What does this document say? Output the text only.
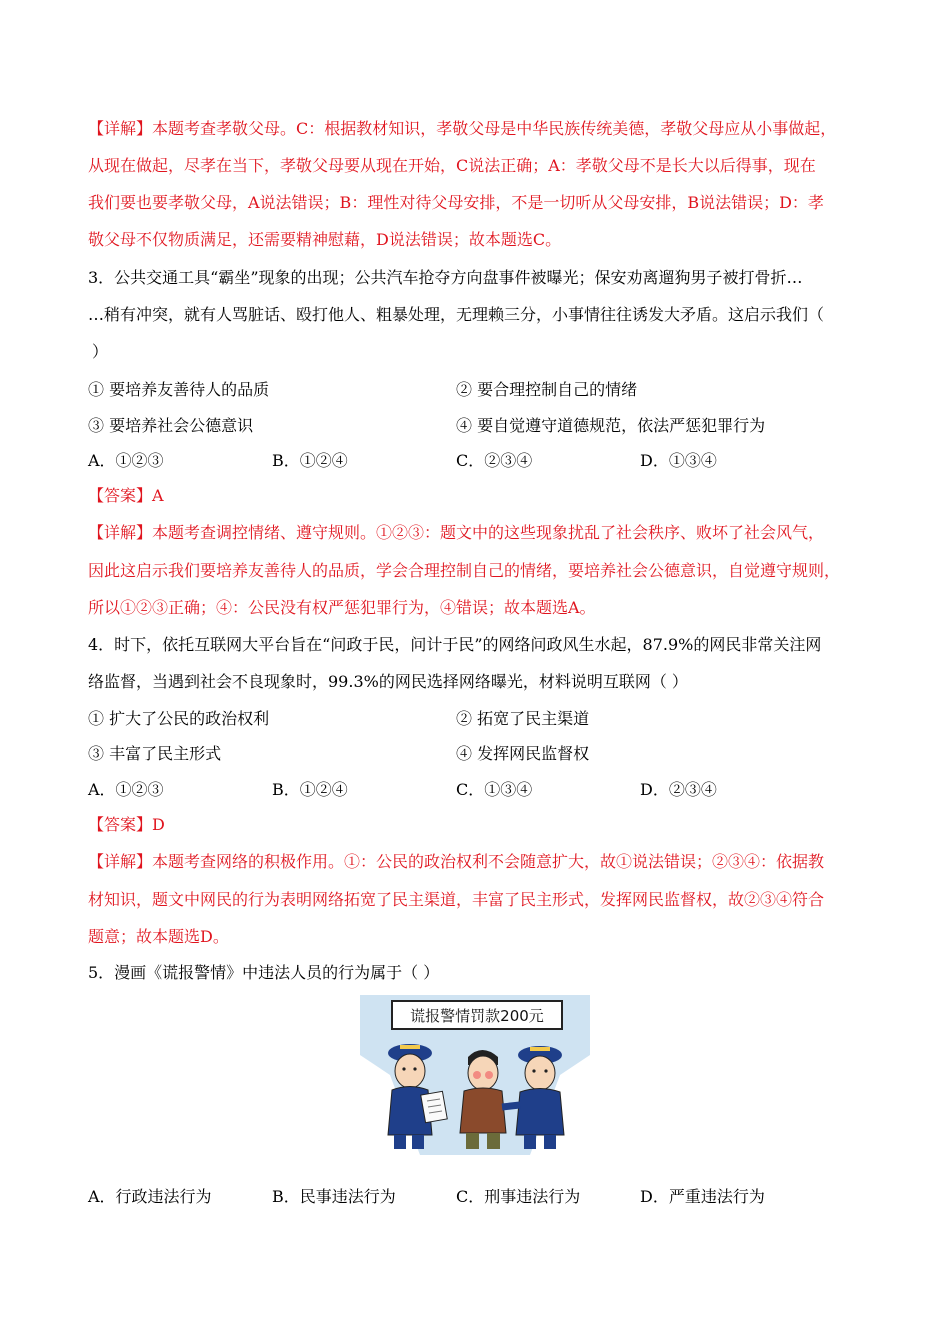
【详解】本题考查孝敬父母。C：根据教材知识，孝敬父母是中华民族传统美德，孝敬父母应从小事做起，
从现在做起，尽孝在当下，孝敬父母要从现在开始，C说法正确；A：孝敬父母不是长大以后得事，现在
我们要也要孝敬父母，A说法错误；B：理性对待父母安排，不是一切听从父母安排，B说法错误；D：孝
敬父母不仅物质满足，还需要精神慰藉，D说法错误；故本题选C。
3．公共交通工具“霸坐”现象的出现；公共汽车抢夺方向盘事件被曝光；保安劝离遛狗男子被打骨折…
…稍有冲突，就有人骂脏话、殴打他人、粗暴处理，无理赖三分，小事情往往诱发大矛盾。这启示我们（
）
① 要培养友善待人的品质	② 要合理控制自己的情绪
③ 要培养社会公德意识	④ 要自觉遵守道德规范，依法严惩犯罪行为
A．①②③	B．①②④	C．②③④	D．①③④
【答案】A
【详解】本题考查调控情绪、遵守规则。①②③：题文中的这些现象扰乱了社会秩序、败坏了社会风气，
因此这启示我们要培养友善待人的品质，学会合理控制自己的情绪，要培养社会公德意识，自觉遵守规则，
所以①②③正确；④：公民没有权严惩犯罪行为，④错误；故本题选A。
4．时下，依托互联网大平台旨在“问政于民，问计于民”的网络问政风生水起，87.9%的网民非常关注网
络监督，当遇到社会不良现象时，99.3%的网民选择网络曝光，材料说明互联网（ ）
① 扩大了公民的政治权利	② 拓宽了民主渠道
③ 丰富了民主形式	④ 发挥网民监督权
A．①②③	B．①②④	C．①③④	D．②③④
【答案】D
【详解】本题考查网络的积极作用。①：公民的政治权利不会随意扩大，故①说法错误；②③④：依据教
材知识，题文中网民的行为表明网络拓宽了民主渠道，丰富了民主形式，发挥网民监督权，故②③④符合
题意；故本题选D。
5．漫画《谎报警情》中违法人员的行为属于（ ）
谎报警情罚款200元
A．行政违法行为	B．民事违法行为	C．刑事违法行为	D．严重违法行为
